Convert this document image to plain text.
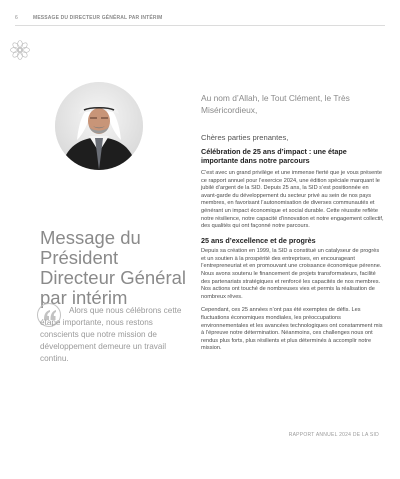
6	MESSAGE DU DIRECTEUR GÉNÉRAL PAR INTÉRIM
Message du
Président
Directeur Général
par intérim
Alors que nous célébrons cette étape importante, nous restons conscients que notre mission de développement demeure un travail continu.
Au nom d’Allah, le Tout Clément, le Très Miséricordieux,
Chères parties prenantes,
Célébration de 25 ans d’impact : une étape importante dans notre parcours
C’est avec un grand privilège et une immense fierté que je vous présente ce rapport annuel pour l’exercice 2024, une édition spéciale marquant le jubilé d’argent de la SID. Depuis 25 ans, la SID s’est positionnée en avant-garde du développement du secteur privé au sein de nos pays membres, en favorisant l’autonomisation de diverses communautés et générant un impact économique et social durable. Cette réussite reflète notre résilience, notre capacité d’innovation et notre engagement collectif, des qualités qui ont façonné notre parcours.
25 ans d’excellence et de progrès
Depuis sa création en 1999, la SID a constitué un catalyseur de progrès et un soutien à la prospérité des entreprises, en encourageant l’entrepreneuriat et en promouvant une croissance économique pérenne. Nous avons soutenu le financement de projets transformateurs, facilité des partenariats stratégiques et renforcé les capacités de nos membres. Nos actions ont touché de nombreuses vies et permis la réalisation de nombreux rêves.
Cependant, ces 25 années n’ont pas été exemptes de défis. Les fluctuations économiques mondiales, les préoccupations environnementales et les avancées technologiques ont constamment mis à l’épreuve notre détermination. Néanmoins, ces challenges nous ont rendus plus forts, plus résilients et plus déterminés à accomplir notre mission.
RAPPORT ANNUEL 2024 DE LA SID
